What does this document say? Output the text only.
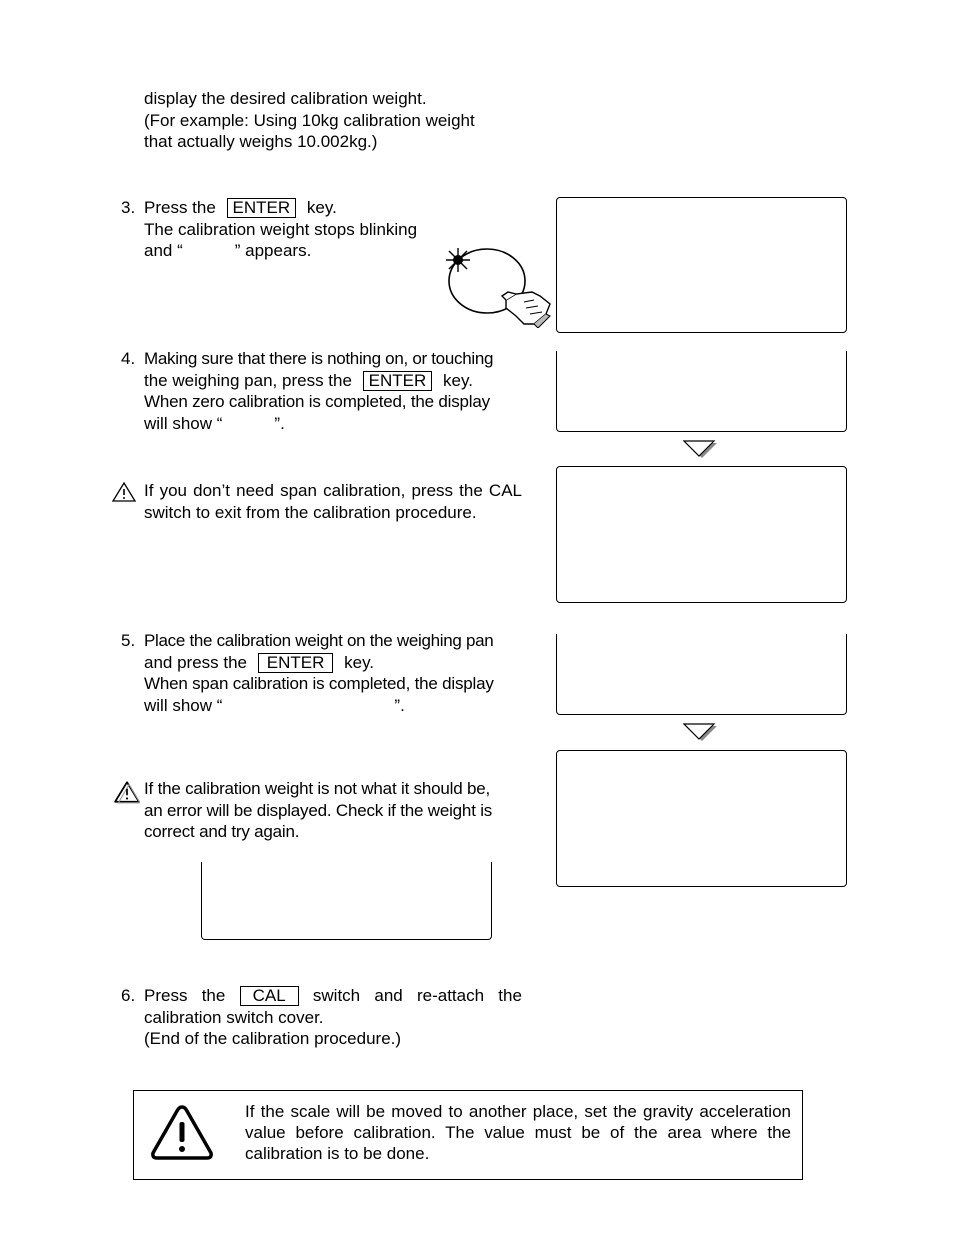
display the desired calibration weight.
(For example: Using 10kg calibration weight
that actually weighs 10.002kg.)
3. Press the ENTER key.
The calibration weight stops blinking
and “	” appears.
4. Making sure that there is nothing on, or touching
the weighing pan, press the ENTER key.
When zero calibration is completed, the display
will show “	”.
If you don’t need span calibration, press the CAL switch to exit from the calibration procedure.
5. Place the calibration weight on the weighing pan
and press the ENTER key.
When span calibration is completed, the display
will show “	”.
If the calibration weight is not what it should be,
an error will be displayed. Check if the weight is
correct and try again.
6. Press the	CAL	switch and re-attach the
calibration switch cover.
(End of the calibration procedure.)
If the scale will be moved to another place, set the gravity acceleration value before calibration. The value must be of the area where the calibration is to be done.
